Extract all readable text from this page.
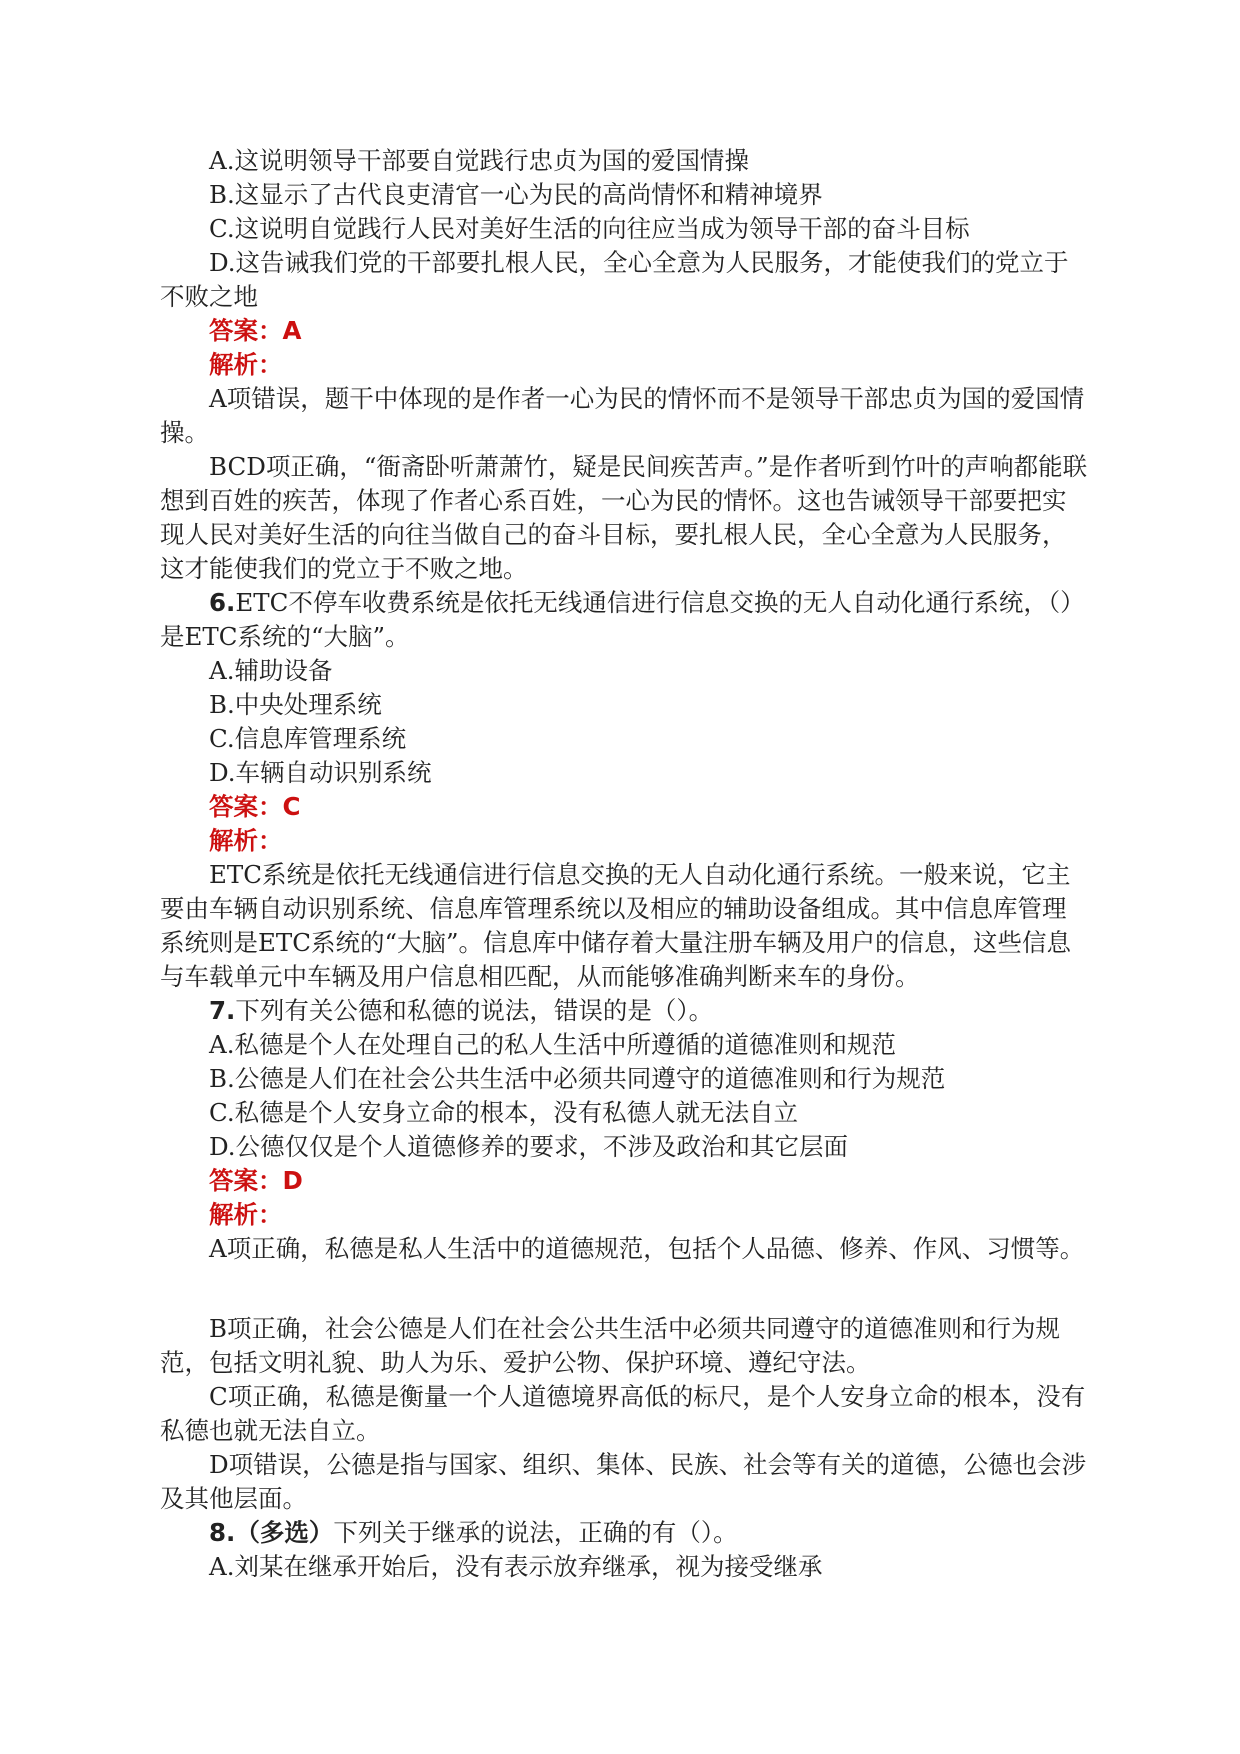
A.这说明领导干部要自觉践行忠贞为国的爱国情操

B.这显示了古代良吏清官一心为民的高尚情怀和精神境界

C.这说明自觉践行人民对美好生活的向往应当成为领导干部的奋斗目标

D.这告诫我们党的干部要扎根人民，全心全意为人民服务，才能使我们的党立于不败之地

答案：A

解析：

A项错误，题干中体现的是作者一心为民的情怀而不是领导干部忠贞为国的爱国情操。

BCD项正确，“衙斋卧听萧萧竹，疑是民间疾苦声。”是作者听到竹叶的声响都能联想到百姓的疾苦，体现了作者心系百姓，一心为民的情怀。这也告诫领导干部要把实现人民对美好生活的向往当做自己的奋斗目标，要扎根人民，全心全意为人民服务，这才能使我们的党立于不败之地。

6.ETC不停车收费系统是依托无线通信进行信息交换的无人自动化通行系统，（）是ETC系统的“大脑”。

A.辅助设备

B.中央处理系统

C.信息库管理系统

D.车辆自动识别系统

答案：C

解析：

ETC系统是依托无线通信进行信息交换的无人自动化通行系统。一般来说，它主要由车辆自动识别系统、信息库管理系统以及相应的辅助设备组成。其中信息库管理系统则是ETC系统的“大脑”。信息库中储存着大量注册车辆及用户的信息，这些信息与车载单元中车辆及用户信息相匹配，从而能够准确判断来车的身份。

7.下列有关公德和私德的说法，错误的是（）。

A.私德是个人在处理自己的私人生活中所遵循的道德准则和规范

B.公德是人们在社会公共生活中必须共同遵守的道德准则和行为规范

C.私德是个人安身立命的根本，没有私德人就无法自立

D.公德仅仅是个人道德修养的要求，不涉及政治和其它层面

答案：D

解析：

A项正确，私德是私人生活中的道德规范，包括个人品德、修养、作风、习惯等。

B项正确，社会公德是人们在社会公共生活中必须共同遵守的道德准则和行为规范，包括文明礼貌、助人为乐、爱护公物、保护环境、遵纪守法。

C项正确，私德是衡量一个人道德境界高低的标尺，是个人安身立命的根本，没有私德也就无法自立。

D项错误，公德是指与国家、组织、集体、民族、社会等有关的道德，公德也会涉及其他层面。

8.（多选）下列关于继承的说法，正确的有（）。

A.刘某在继承开始后，没有表示放弃继承，视为接受继承
